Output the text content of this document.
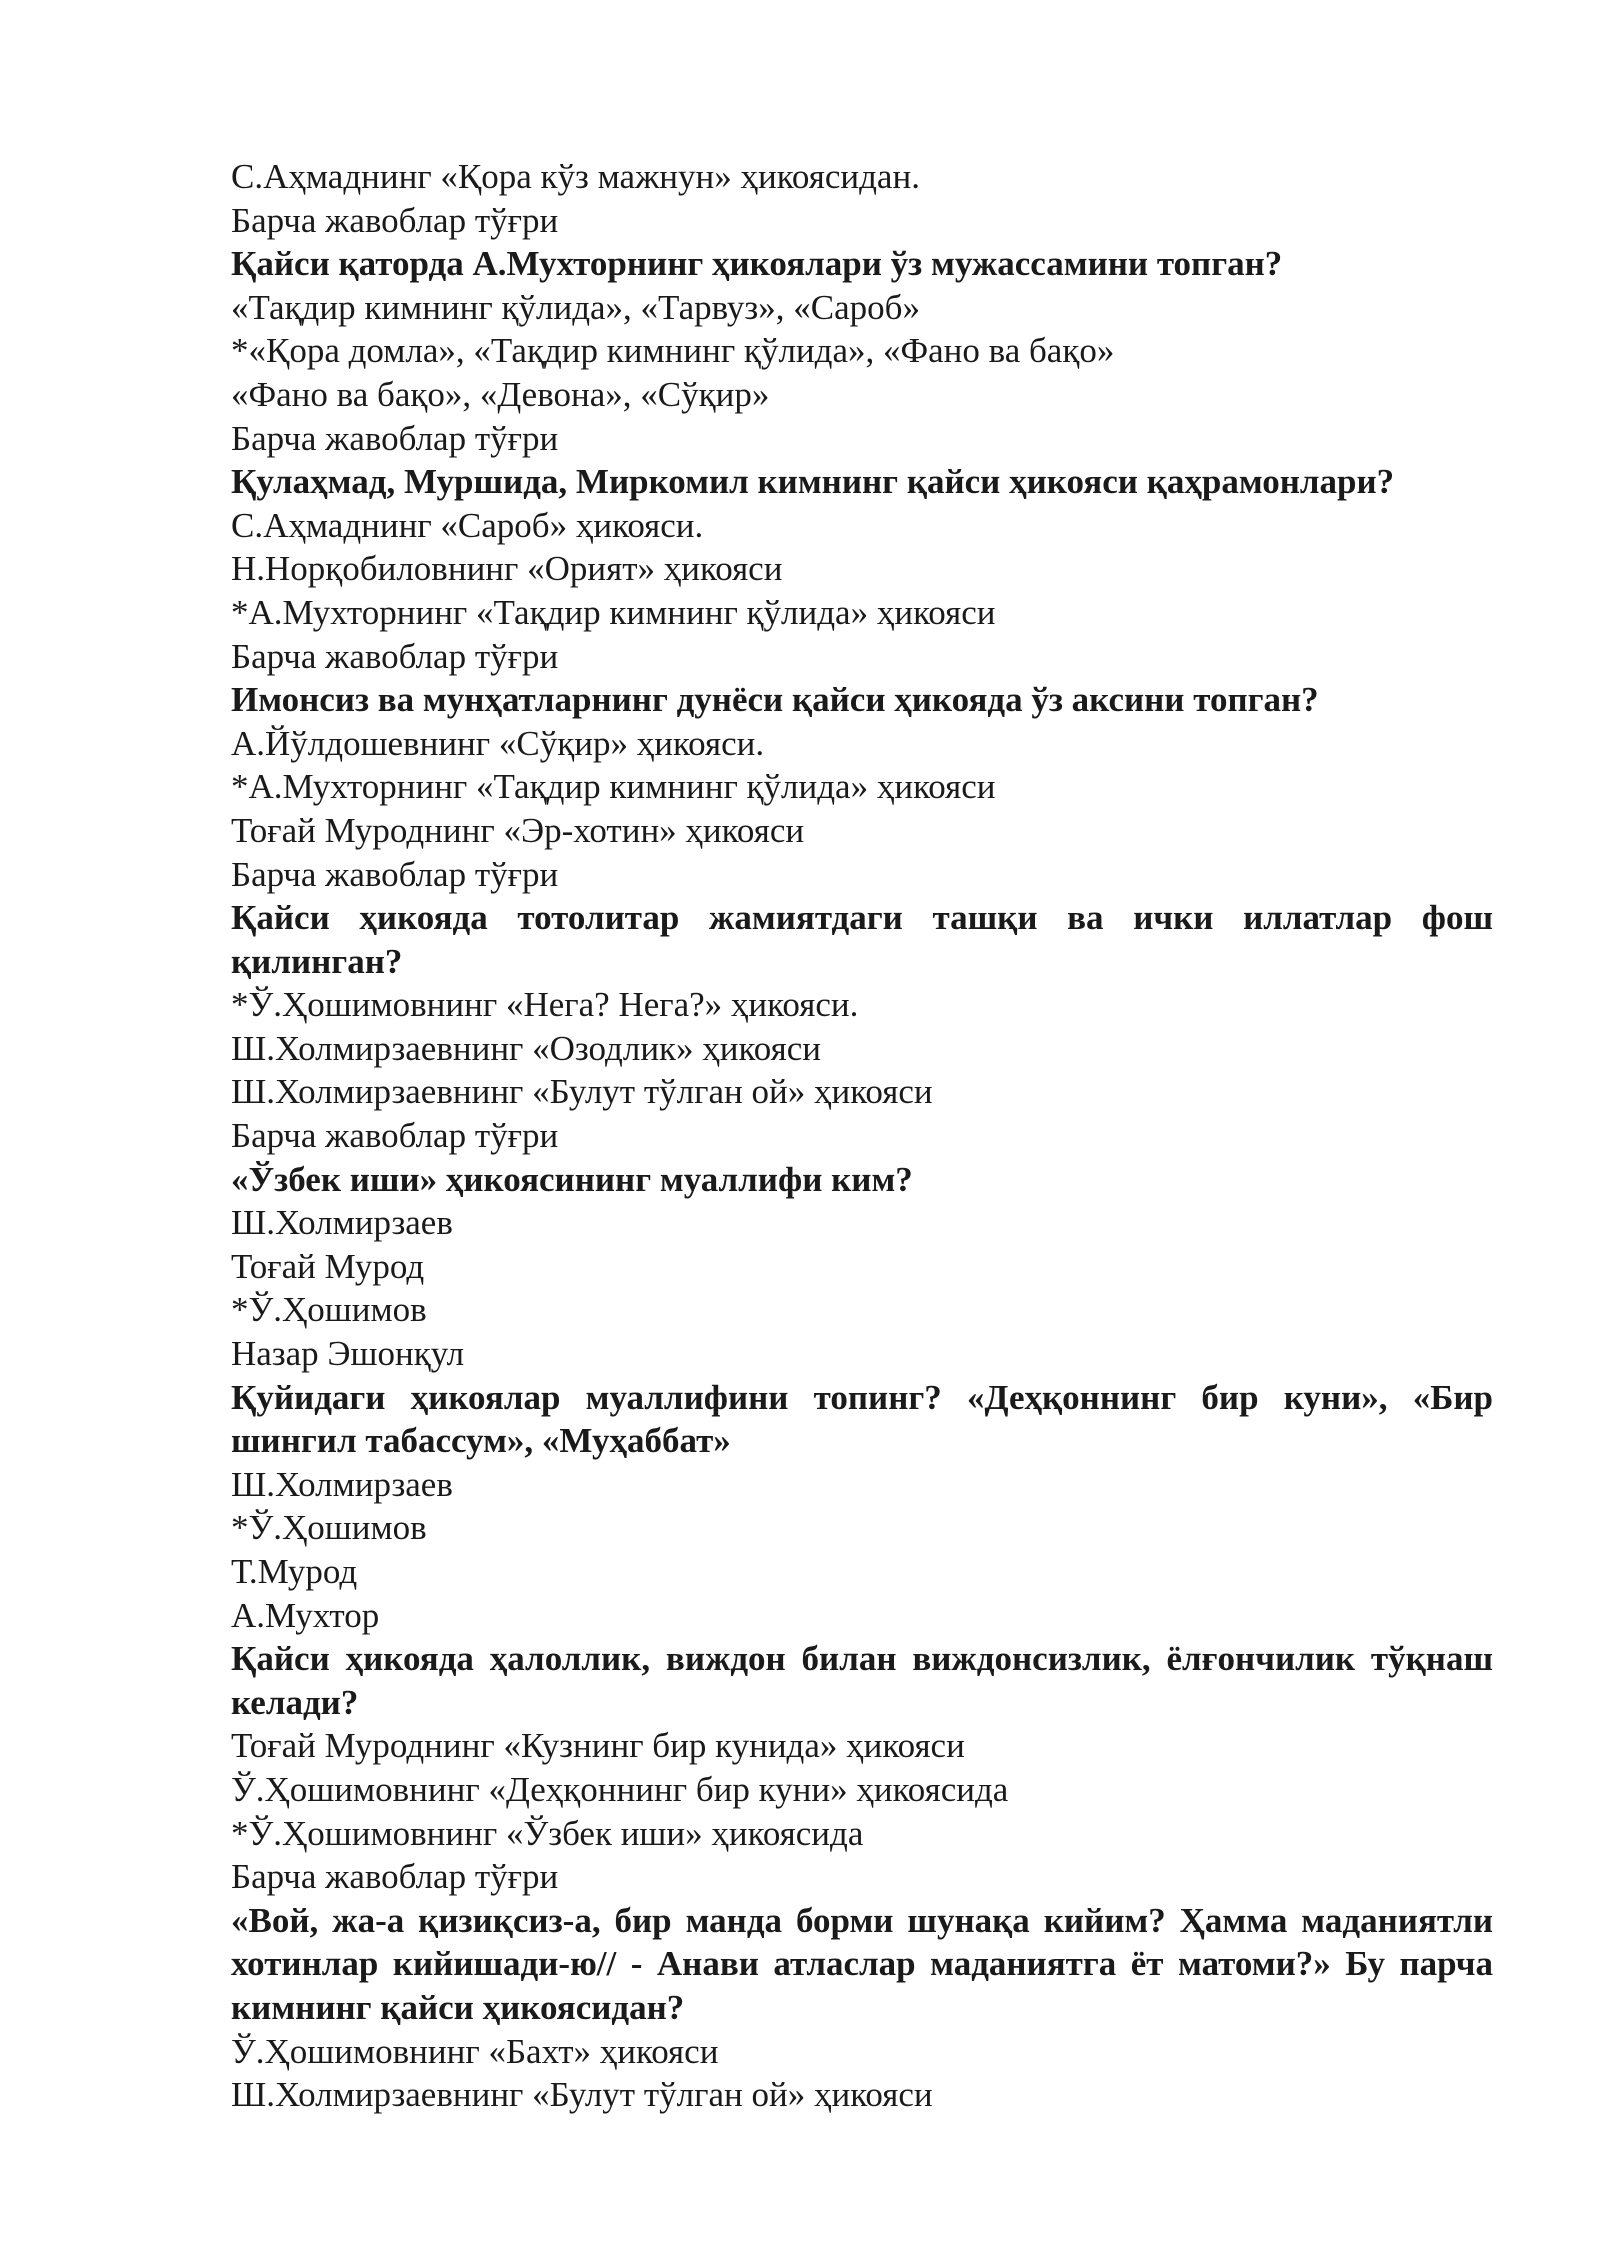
С.Аҳмаднинг «Қора кўз мажнун» ҳикоясидан.
Барча жавоблар тўғри
Қайси қаторда А.Мухторнинг ҳикоялари ўз мужассамини топган?
«Тақдир кимнинг қўлида», «Тарвуз», «Сароб»
*«Қора домла», «Тақдир кимнинг қўлида», «Фано ва бақо»
«Фано ва бақо», «Девона», «Сўқир»
Барча жавоблар тўғри
Қулаҳмад, Муршида, Миркомил кимнинг қайси ҳикояси қаҳрамонлари?
С.Аҳмаднинг «Сароб» ҳикояси.
Н.Норқобиловнинг «Орият» ҳикояси
*А.Мухторнинг «Тақдир кимнинг қўлида» ҳикояси
Барча жавоблар тўғри
Имонсиз ва мунҳатларнинг дунёси қайси ҳикояда ўз аксини топган?
А.Йўлдошевнинг «Сўқир» ҳикояси.
*А.Мухторнинг «Тақдир кимнинг қўлида» ҳикояси
Тоғай Муроднинг «Эр-хотин» ҳикояси
Барча жавоблар тўғри
Қайси ҳикояда тотолитар жамиятдаги ташқи ва ички иллатлар фош қилинган?
*Ў.Ҳошимовнинг «Нега? Нега?» ҳикояси.
Ш.Холмирзаевнинг «Озодлик» ҳикояси
Ш.Холмирзаевнинг «Булут тўлган ой» ҳикояси
Барча жавоблар тўғри
«Ўзбек иши» ҳикоясининг муаллифи ким?
Ш.Холмирзаев
Тоғай Мурод
*Ў.Ҳошимов
Назар Эшонқул
Қуйидаги ҳикоялар муаллифини топинг? «Деҳқоннинг бир куни», «Бир шингил табассум», «Муҳаббат»
Ш.Холмирзаев
*Ў.Ҳошимов
Т.Мурод
А.Мухтор
Қайси ҳикояда ҳалоллик, виждон билан виждонсизлик, ёлғончилик тўқнаш келади?
Тоғай Муроднинг «Кузнинг бир кунида» ҳикояси
Ў.Ҳошимовнинг «Деҳқоннинг бир куни» ҳикоясида
*Ў.Ҳошимовнинг «Ўзбек иши» ҳикоясида
Барча жавоблар тўғри
«Вой, жа-а қизиқсиз-а, бир манда борми шунақа кийим? Ҳамма маданиятли хотинлар кийишади-ю// - Анави атласлар маданиятга ёт матоми?» Бу парча кимнинг қайси ҳикоясидан?
Ў.Ҳошимовнинг «Бахт» ҳикояси
Ш.Холмирзаевнинг «Булут тўлган ой» ҳикояси
